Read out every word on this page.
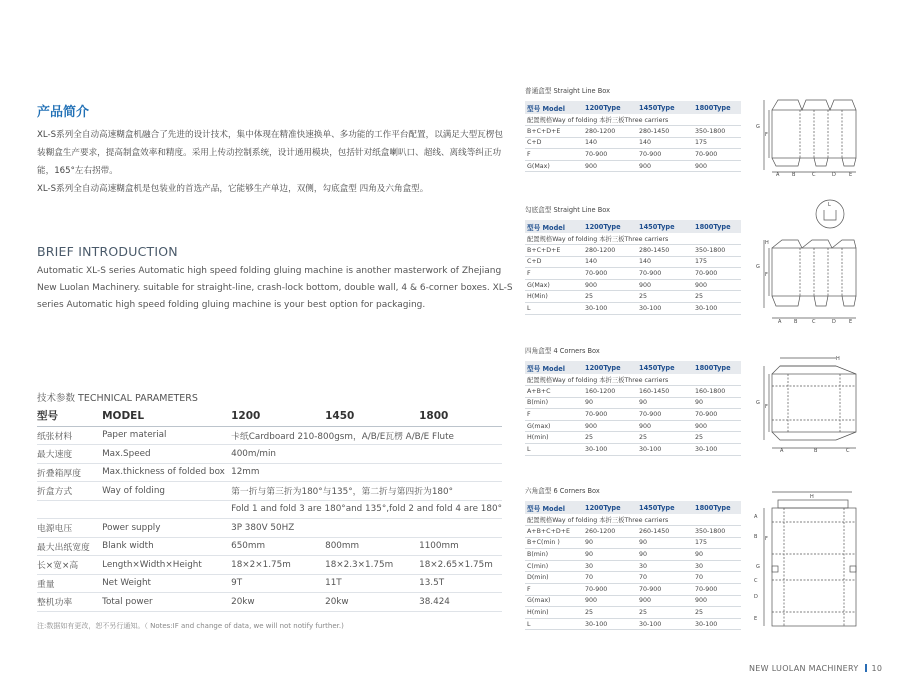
产品简介
XL-S系列全自动高速糊盒机融合了先进的设计技术，集中体现在精准快速换单、多功能的工作平台配置，以满足大型瓦楞包装糊盒生产要求，提高制盒效率和精度。采用上传动控制系统，设计通用模块，包括针对纸盒喇叭口、超线、离线等纠正功能，165°左右拐带。
XL-S系列全自动高速糊盒机是包装业的首选产品，它能够生产单边，双侧，勾底盒型 四角及六角盒型。
BRIEF INTRODUCTION
Automatic XL-S series Automatic high speed folding gluing machine is another masterwork of Zhejiang New Luolan Machinery. suitable for straight-line, crash-lock bottom, double wall, 4 & 6-corner boxes. XL-S series Automatic high speed folding gluing machine is your best option for packaging.
技术参数 TECHNICAL PARAMETERS
型号	MODEL	1200	1450	1800
纸张材料	Paper material	卡纸Cardboard 210-800gsm，A/B/E瓦楞 A/B/E Flute		
最大速度	Max.Speed	400m/min		
折叠箱厚度	Max.thickness of folded box	12mm		
折盒方式	Way of folding	第一折与第三折为180°与135°，第二折与第四折为180°		
		Fold 1 and fold 3 are 180°and 135°,fold 2 and fold 4 are 180°		
电源电压	Power supply	3P 380V 50HZ		
最大出纸宽度	Blank width	650mm	800mm	1100mm
长×宽×高	Length×Width×Height	18×2×1.75m	18×2.3×1.75m	18×2.65×1.75m
重量	Net Weight	9T	11T	13.5T
整机功率	Total power	20kw	20kw	38.424
注:数据如有更改，恕不另行通知。（ Notes:IF and change of data, we will not notify further.)
普通盒型 Straight Line Box
型号 Model	1200Type	1450Type	1800Type
配置规格Way of folding 本折三板Three carriers			
B+C+D+E	280-1200	280-1450	350-1800
C+D	140	140	175
F	70-900	70-900	70-900
G(Max)	900	900	900
勾底盒型 Straight Line Box
型号 Model	1200Type	1450Type	1800Type
配置规格Way of folding 本折三板Three carriers			
B+C+D+E	280-1200	280-1450	350-1800
C+D	140	140	175
F	70-900	70-900	70-900
G(Max)	900	900	900
H(Min)	25	25	25
L	30-100	30-100	30-100
四角盒型 4 Corners Box
型号 Model	1200Type	1450Type	1800Type
配置规格Way of folding 本折三板Three carriers			
A+B+C	160-1200	160-1450	160-1800
B(min)	90	90	90
F	70-900	70-900	70-900
G(max)	900	900	900
H(min)	25	25	25
L	30-100	30-100	30-100
六角盒型 6 Corners Box
型号 Model	1200Type	1450Type	1800Type
配置规格Way of folding 本折三板Three carriers			
A+B+C+D+E	260-1200	260-1450	350-1800
B+C(min )	90	90	175
B(min)	90	90	90
C(min)	30	30	30
D(min)	70	70	70
F	70-900	70-900	70-900
G(max)	900	900	900
H(min)	25	25	25
L	30-100	30-100	30-100
G
F
A	B	C	D	E
L
H
G
F
A	B	C	D	E
H
G
F
A	B	C
G
H
F
A
B
C
D
E
NEW LUOLAN MACHINERY 10
